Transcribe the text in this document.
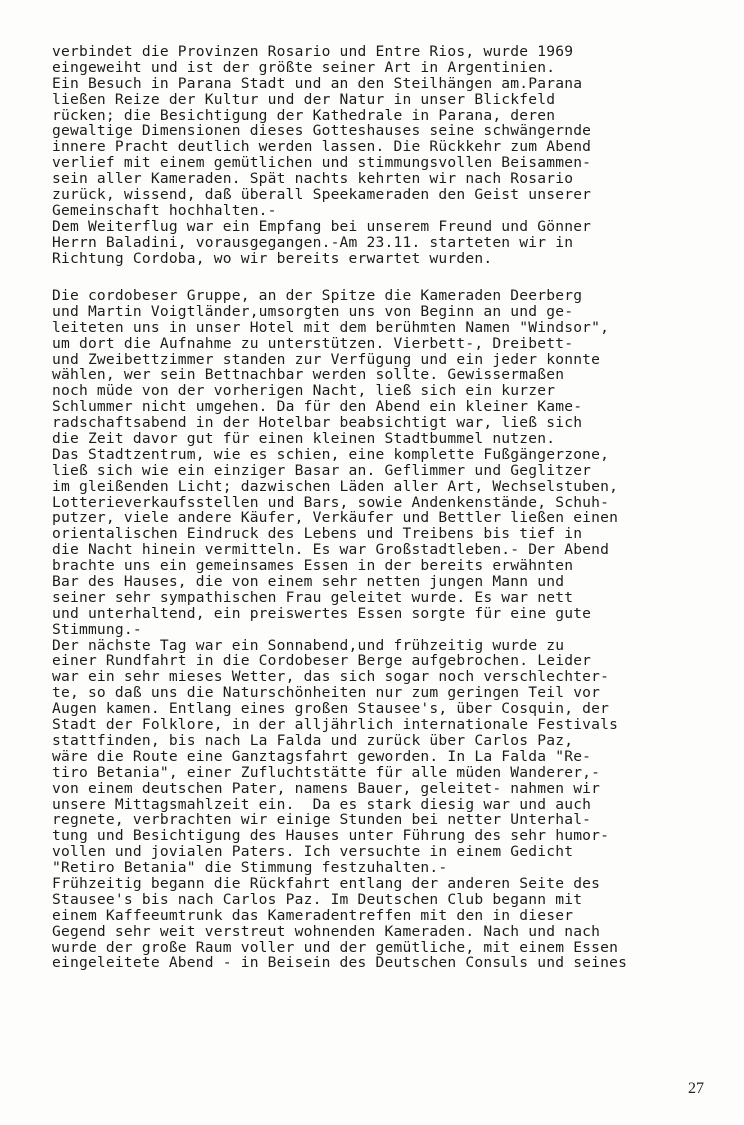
verbindet die Provinzen Rosario und Entre Rios, wurde 1969
eingeweiht und ist der größte seiner Art in Argentinien.
Ein Besuch in Parana Stadt und an den Steilhängen am.Parana
ließen Reize der Kultur und der Natur in unser Blickfeld
rücken; die Besichtigung der Kathedrale in Parana, deren
gewaltige Dimensionen dieses Gotteshauses seine schwängernde
innere Pracht deutlich werden lassen. Die Rückkehr zum Abend
verlief mit einem gemütlichen und stimmungsvollen Beisammen-
sein aller Kameraden. Spät nachts kehrten wir nach Rosario
zurück, wissend, daß überall Speekameraden den Geist unserer
Gemeinschaft hochhalten.-
Dem Weiterflug war ein Empfang bei unserem Freund und Gönner
Herrn Baladini, vorausgegangen.-Am 23.11. starteten wir in
Richtung Cordoba, wo wir bereits erwartet wurden.
Die cordobeser Gruppe, an der Spitze die Kameraden Deerberg
und Martin Voigtländer,umsorgten uns von Beginn an und ge-
leiteten uns in unser Hotel mit dem berühmten Namen "Windsor",
um dort die Aufnahme zu unterstützen. Vierbett-, Dreibett-
und Zweibettzimmer standen zur Verfügung und ein jeder konnte
wählen, wer sein Bettnachbar werden sollte. Gewissermaßen
noch müde von der vorherigen Nacht, ließ sich ein kurzer
Schlummer nicht umgehen. Da für den Abend ein kleiner Kame-
radschaftsabend in der Hotelbar beabsichtigt war, ließ sich
die Zeit davor gut für einen kleinen Stadtbummel nutzen.
Das Stadtzentrum, wie es schien, eine komplette Fußgängerzone,
ließ sich wie ein einziger Basar an. Geflimmer und Geglitzer
im gleißenden Licht; dazwischen Läden aller Art, Wechselstuben,
Lotterieverkaufsstellen und Bars, sowie Andenkenstände, Schuh-
putzer, viele andere Käufer, Verkäufer und Bettler ließen einen
orientalischen Eindruck des Lebens und Treibens bis tief in
die Nacht hinein vermitteln. Es war Großstadtleben.- Der Abend
brachte uns ein gemeinsames Essen in der bereits erwähnten
Bar des Hauses, die von einem sehr netten jungen Mann und
seiner sehr sympathischen Frau geleitet wurde. Es war nett
und unterhaltend, ein preiswertes Essen sorgte für eine gute
Stimmung.-
Der nächste Tag war ein Sonnabend,und frühzeitig wurde zu
einer Rundfahrt in die Cordobeser Berge aufgebrochen. Leider
war ein sehr mieses Wetter, das sich sogar noch verschlechter-
te, so daß uns die Naturschönheiten nur zum geringen Teil vor
Augen kamen. Entlang eines großen Stausee's, über Cosquin, der
Stadt der Folklore, in der alljährlich internationale Festivals
stattfinden, bis nach La Falda und zurück über Carlos Paz,
wäre die Route eine Ganztagsfahrt geworden. In La Falda "Re-
tiro Betania", einer Zufluchtstätte für alle müden Wanderer,-
von einem deutschen Pater, namens Bauer, geleitet- nahmen wir
unsere Mittagsmahlzeit ein.  Da es stark diesig war und auch
regnete, verbrachten wir einige Stunden bei netter Unterhal-
tung und Besichtigung des Hauses unter Führung des sehr humor-
vollen und jovialen Paters. Ich versuchte in einem Gedicht
"Retiro Betania" die Stimmung festzuhalten.-
Frühzeitig begann die Rückfahrt entlang der anderen Seite des
Stausee's bis nach Carlos Paz. Im Deutschen Club begann mit
einem Kaffeeumtrunk das Kameradentreffen mit den in dieser
Gegend sehr weit verstreut wohnenden Kameraden. Nach und nach
wurde der große Raum voller und der gemütliche, mit einem Essen
eingeleitete Abend - in Beisein des Deutschen Consuls und seines
27
